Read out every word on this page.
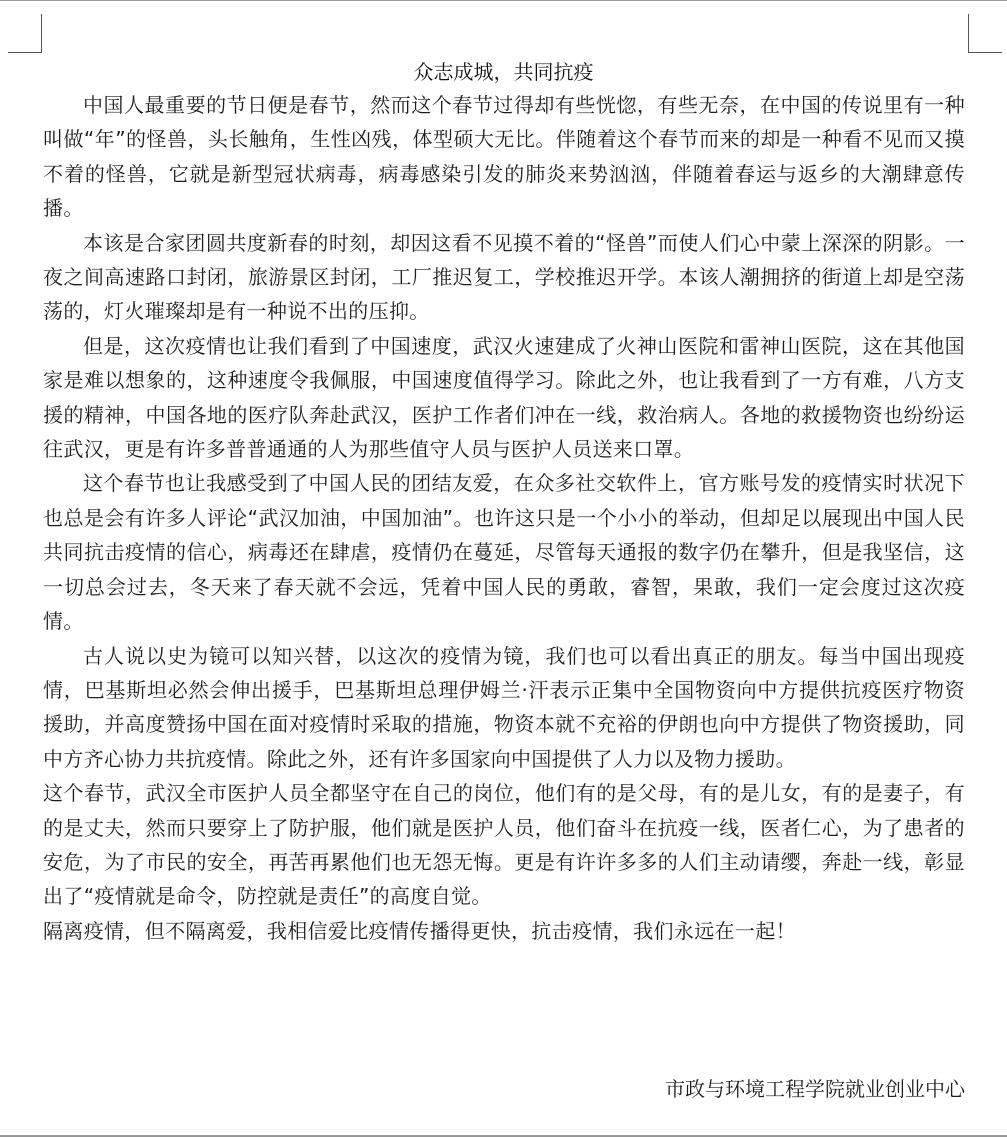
众志成城，共同抗疫

中国人最重要的节日便是春节，然而这个春节过得却有些恍惚，有些无奈，在中国的传说里有一种叫做“年”的怪兽，头长触角，生性凶残，体型硕大无比。伴随着这个春节而来的却是一种看不见而又摸不着的怪兽，它就是新型冠状病毒，病毒感染引发的肺炎来势汹汹，伴随着春运与返乡的大潮肆意传播。

本该是合家团圆共度新春的时刻，却因这看不见摸不着的“怪兽”而使人们心中蒙上深深的阴影。一夜之间高速路口封闭，旅游景区封闭，工厂推迟复工，学校推迟开学。本该人潮拥挤的街道上却是空荡荡的，灯火璀璨却是有一种说不出的压抑。

但是，这次疫情也让我们看到了中国速度，武汉火速建成了火神山医院和雷神山医院，这在其他国家是难以想象的，这种速度令我佩服，中国速度值得学习。除此之外，也让我看到了一方有难，八方支援的精神，中国各地的医疗队奔赴武汉，医护工作者们冲在一线，救治病人。各地的救援物资也纷纷运往武汉，更是有许多普普通通的人为那些值守人员与医护人员送来口罩。

这个春节也让我感受到了中国人民的团结友爱，在众多社交软件上，官方账号发的疫情实时状况下也总是会有许多人评论“武汉加油，中国加油”。也许这只是一个小小的举动，但却足以展现出中国人民共同抗击疫情的信心，病毒还在肆虐，疫情仍在蔓延，尽管每天通报的数字仍在攀升，但是我坚信，这一切总会过去，冬天来了春天就不会远，凭着中国人民的勇敢，睿智，果敢，我们一定会度过这次疫情。

古人说以史为镜可以知兴替，以这次的疫情为镜，我们也可以看出真正的朋友。每当中国出现疫情，巴基斯坦必然会伸出援手，巴基斯坦总理伊姆兰·汗表示正集中全国物资向中方提供抗疫医疗物资援助，并高度赞扬中国在面对疫情时采取的措施，物资本就不充裕的伊朗也向中方提供了物资援助，同中方齐心协力共抗疫情。除此之外，还有许多国家向中国提供了人力以及物力援助。

这个春节，武汉全市医护人员全都坚守在自己的岗位，他们有的是父母，有的是儿女，有的是妻子，有的是丈夫，然而只要穿上了防护服，他们就是医护人员，他们奋斗在抗疫一线，医者仁心，为了患者的安危，为了市民的安全，再苦再累他们也无怨无悔。更是有许许多多的人们主动请缨，奔赴一线，彰显出了“疫情就是命令，防控就是责任”的高度自觉。

隔离疫情，但不隔离爱，我相信爱比疫情传播得更快，抗击疫情，我们永远在一起！

市政与环境工程学院就业创业中心
